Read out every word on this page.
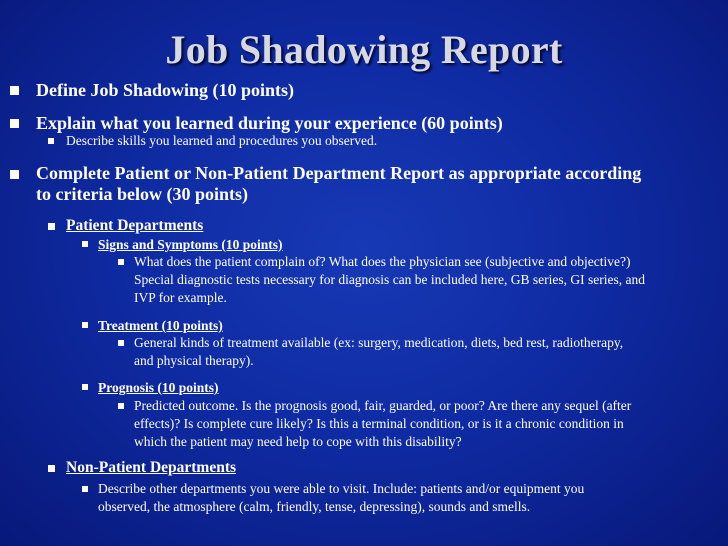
Job Shadowing Report
Define Job Shadowing (10 points)
Explain what you learned during your experience (60 points)
Describe skills you learned and procedures you observed.
Complete Patient or Non-Patient Department Report as appropriate according
to criteria below (30 points)
Patient Departments
Signs and Symptoms (10 points)
What does the patient complain of? What does the physician see (subjective and objective?)
Special diagnostic tests necessary for diagnosis can be included here, GB series, GI series, and
IVP for example.
Treatment (10 points)
General kinds of treatment available (ex: surgery, medication, diets, bed rest, radiotherapy,
and physical therapy).
Prognosis (10 points)
Predicted outcome. Is the prognosis good, fair, guarded, or poor? Are there any sequel (after
effects)? Is complete cure likely? Is this a terminal condition, or is it a chronic condition in
which the patient may need help to cope with this disability?
Non-Patient Departments
Describe other departments you were able to visit. Include: patients and/or equipment you
observed, the atmosphere (calm, friendly, tense, depressing), sounds and smells.
